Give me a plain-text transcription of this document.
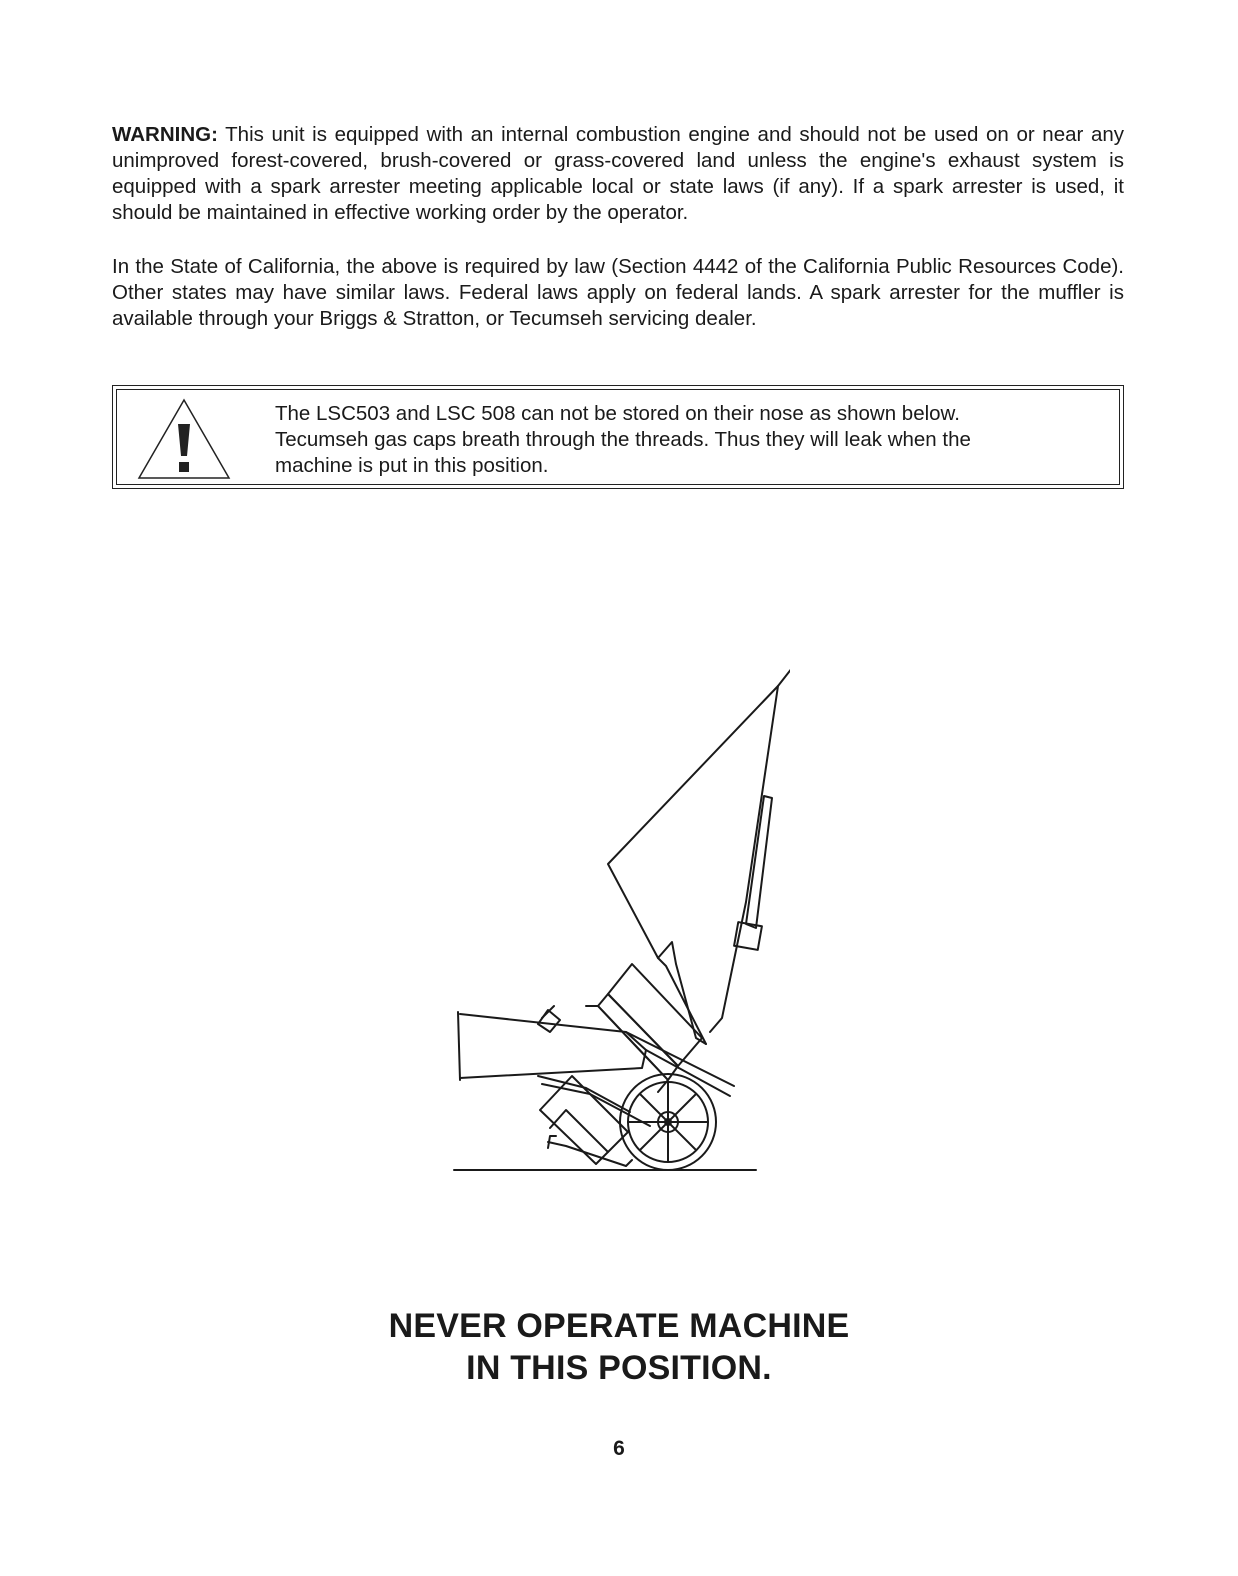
WARNING: This unit is equipped with an internal combustion engine and should not be used on or near any unimproved forest-covered, brush-covered or grass-covered land unless the engine's exhaust system is equipped with a spark arrester meeting applicable local or state laws (if any). If a spark arrester is used, it should be maintained in effective working order by the operator.

In the State of California, the above is required by law (Section 4442 of the California Public Resources Code). Other states may have similar laws. Federal laws apply on federal lands. A spark arrester for the muffler is available through your Briggs & Stratton, or Tecumseh servicing dealer.

The LSC503 and LSC 508 can not be stored on their nose as shown below.
Tecumseh gas caps breath through the threads. Thus they will leak when the
machine is put in this position.
NEVER OPERATE MACHINE
IN THIS POSITION.
6
